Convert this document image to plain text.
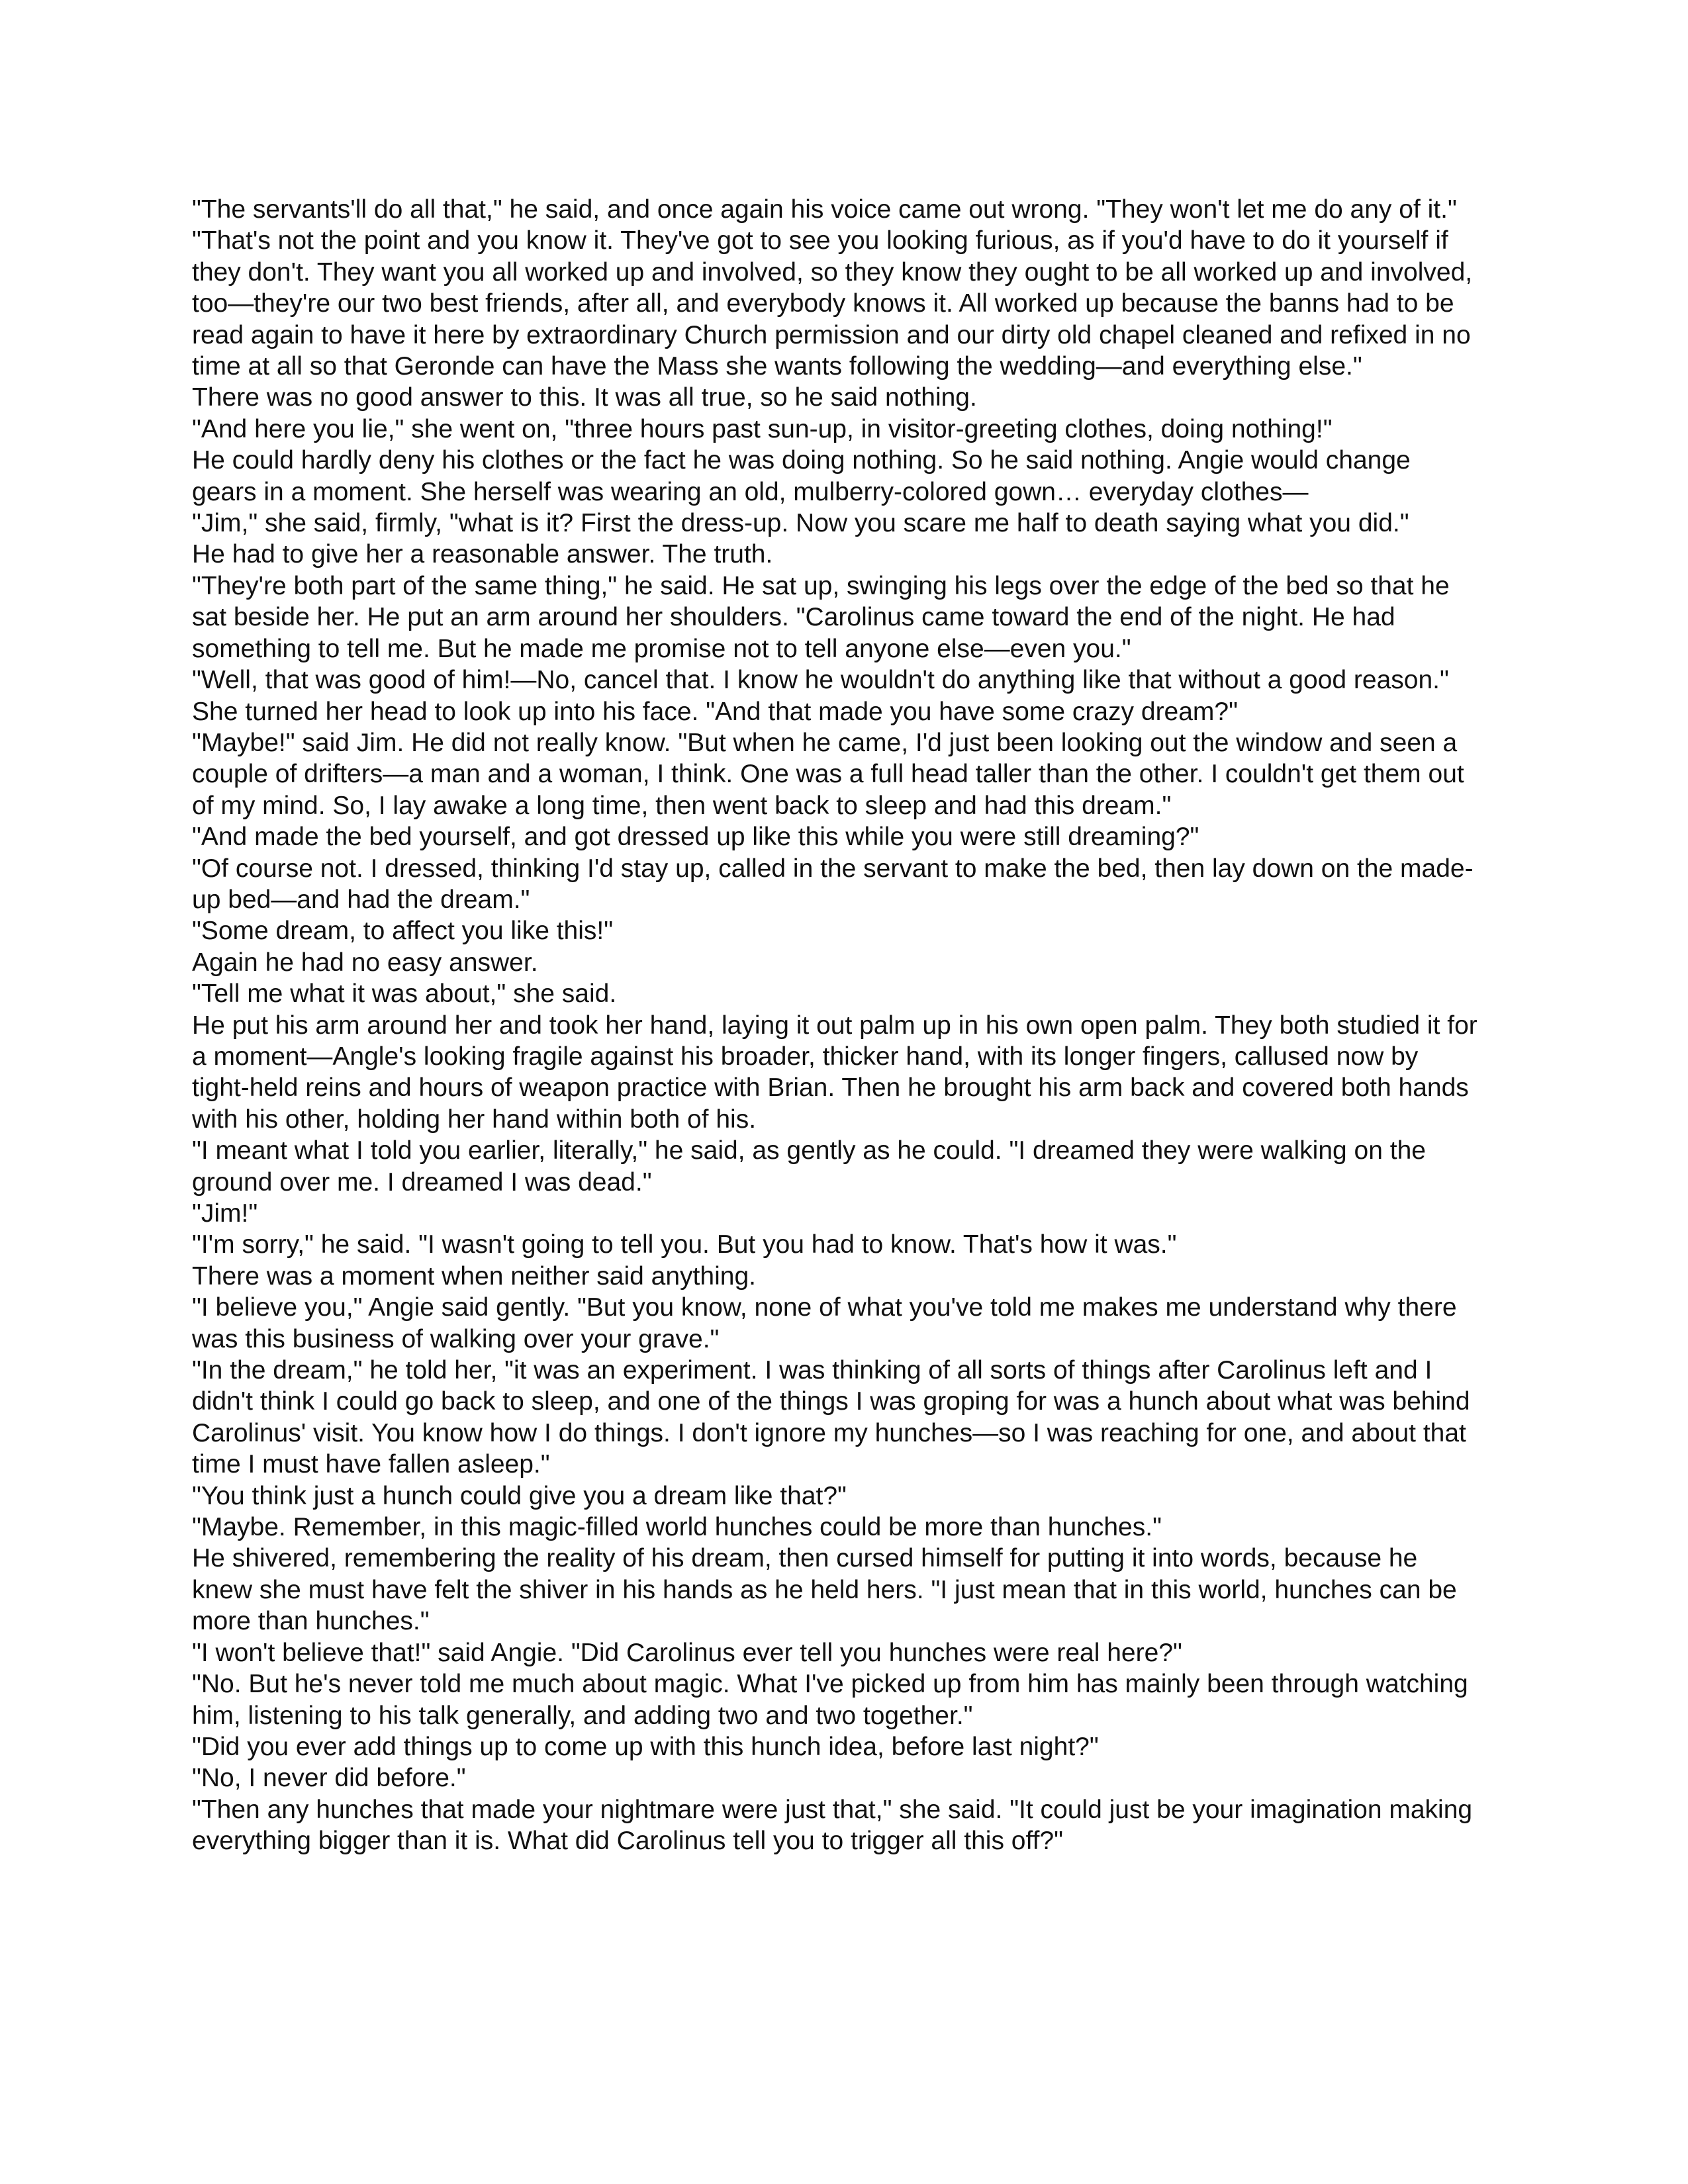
"The servants'll do all that," he said, and once again his voice came out wrong. "They won't let me do any of it."

"That's not the point and you know it. They've got to see you looking furious, as if you'd have to do it yourself if they don't. They want you all worked up and involved, so they know they ought to be all worked up and involved, too—they're our two best friends, after all, and everybody knows it. All worked up because the banns had to be read again to have it here by extraordinary Church permission and our dirty old chapel cleaned and refixed in no time at all so that Geronde can have the Mass she wants following the wedding—and everything else."

There was no good answer to this. It was all true, so he said nothing.

"And here you lie," she went on, "three hours past sun-up, in visitor-greeting clothes, doing nothing!"

He could hardly deny his clothes or the fact he was doing nothing. So he said nothing. Angie would change gears in a moment. She herself was wearing an old, mulberry-colored gown… everyday clothes—

"Jim," she said, firmly, "what is it? First the dress-up. Now you scare me half to death saying what you did."

He had to give her a reasonable answer. The truth.

"They're both part of the same thing," he said. He sat up, swinging his legs over the edge of the bed so that he sat beside her. He put an arm around her shoulders. "Carolinus came toward the end of the night. He had something to tell me. But he made me promise not to tell anyone else—even you."

"Well, that was good of him!—No, cancel that. I know he wouldn't do anything like that without a good reason." She turned her head to look up into his face. "And that made you have some crazy dream?"

"Maybe!" said Jim. He did not really know. "But when he came, I'd just been looking out the window and seen a couple of drifters—a man and a woman, I think. One was a full head taller than the other. I couldn't get them out of my mind. So, I lay awake a long time, then went back to sleep and had this dream."

"And made the bed yourself, and got dressed up like this while you were still dreaming?"

"Of course not. I dressed, thinking I'd stay up, called in the servant to make the bed, then lay down on the made-up bed—and had the dream."

"Some dream, to affect you like this!"

Again he had no easy answer.

"Tell me what it was about," she said.

He put his arm around her and took her hand, laying it out palm up in his own open palm. They both studied it for a moment—Angle's looking fragile against his broader, thicker hand, with its longer fingers, callused now by tight-held reins and hours of weapon practice with Brian. Then he brought his arm back and covered both hands with his other, holding her hand within both of his.

"I meant what I told you earlier, literally," he said, as gently as he could. "I dreamed they were walking on the ground over me. I dreamed I was dead."

"Jim!"

"I'm sorry," he said. "I wasn't going to tell you. But you had to know. That's how it was."

There was a moment when neither said anything.

"I believe you," Angie said gently. "But you know, none of what you've told me makes me understand why there was this business of walking over your grave."

"In the dream," he told her, "it was an experiment. I was thinking of all sorts of things after Carolinus left and I didn't think I could go back to sleep, and one of the things I was groping for was a hunch about what was behind Carolinus' visit. You know how I do things. I don't ignore my hunches—so I was reaching for one, and about that time I must have fallen asleep."

"You think just a hunch could give you a dream like that?"

"Maybe. Remember, in this magic-filled world hunches could be more than hunches."

He shivered, remembering the reality of his dream, then cursed himself for putting it into words, because he knew she must have felt the shiver in his hands as he held hers. "I just mean that in this world, hunches can be more than hunches."

"I won't believe that!" said Angie. "Did Carolinus ever tell you hunches were real here?"

"No. But he's never told me much about magic. What I've picked up from him has mainly been through watching him, listening to his talk generally, and adding two and two together."

"Did you ever add things up to come up with this hunch idea, before last night?"

"No, I never did before."

"Then any hunches that made your nightmare were just that," she said. "It could just be your imagination making everything bigger than it is. What did Carolinus tell you to trigger all this off?"
